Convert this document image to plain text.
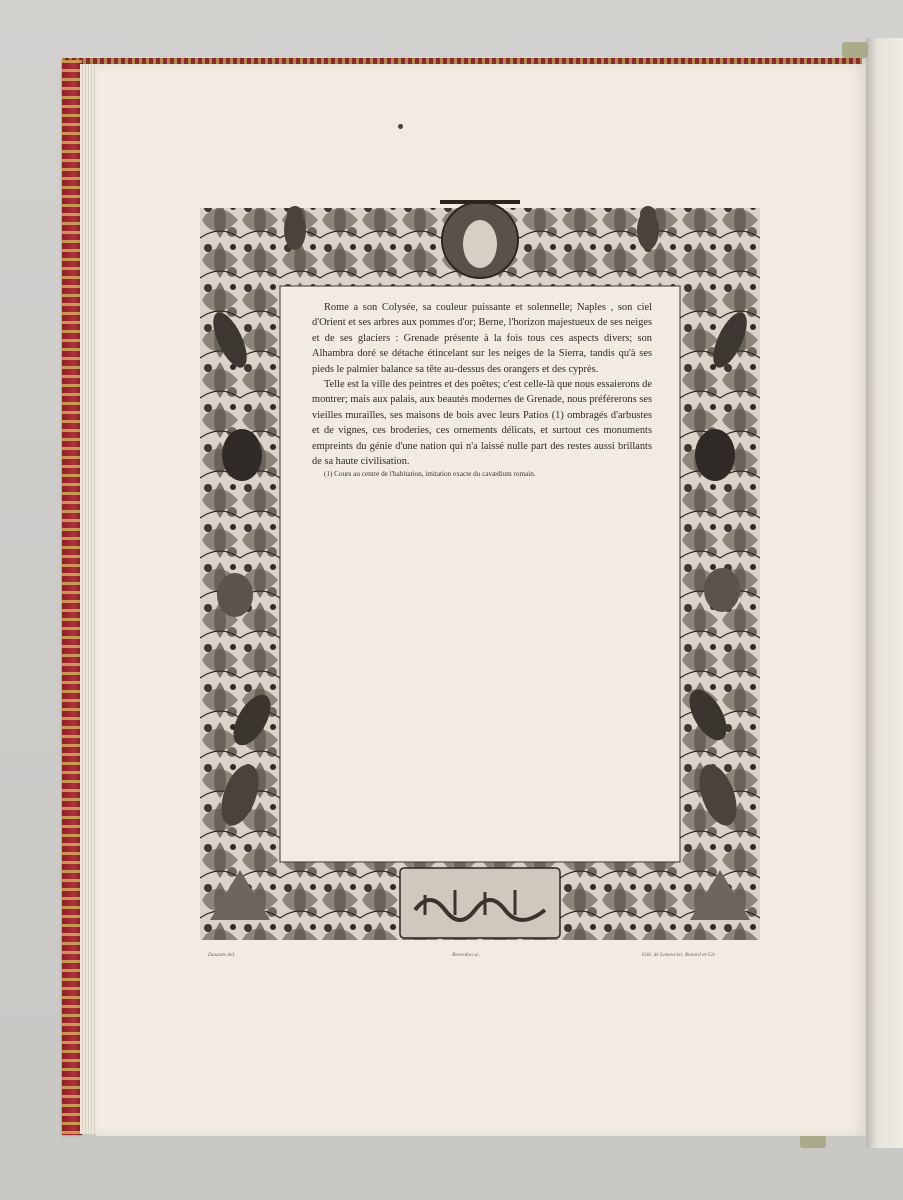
Rome a son Colysée, sa couleur puissante et solennelle; Naples , son ciel d'Orient et ses arbres aux pommes d'or; Berne, l'horizon majestueux de ses neiges et de ses glaciers : Grenade présente à la fois tous ces aspects divers; son Alhambra doré se détache étincelant sur les neiges de la Sierra, tandis qu'à ses pieds le palmier balance sa tête au-dessus des orangers et des cyprès.

Telle est la ville des peintres et des poëtes; c'est celle-là que nous essaierons de montrer; mais aux palais, aux beautés modernes de Grenade, nous préférerons ses vieilles murailles, ses maisons de bois avec leurs Patios (1) ombragés d'arbustes et de vignes, ces broderies, ces ornements délicats, et surtout ces monuments empreints du génie d'une nation qui n'a laissé nulle part des restes aussi brillants de sa haute civilisation.

(1) Cours au centre de l'habitation, imitation exacte du cavædium romain.

Dauzats del.	Bosredon sc.	Lith. de Lemercier, Benard et Cie
